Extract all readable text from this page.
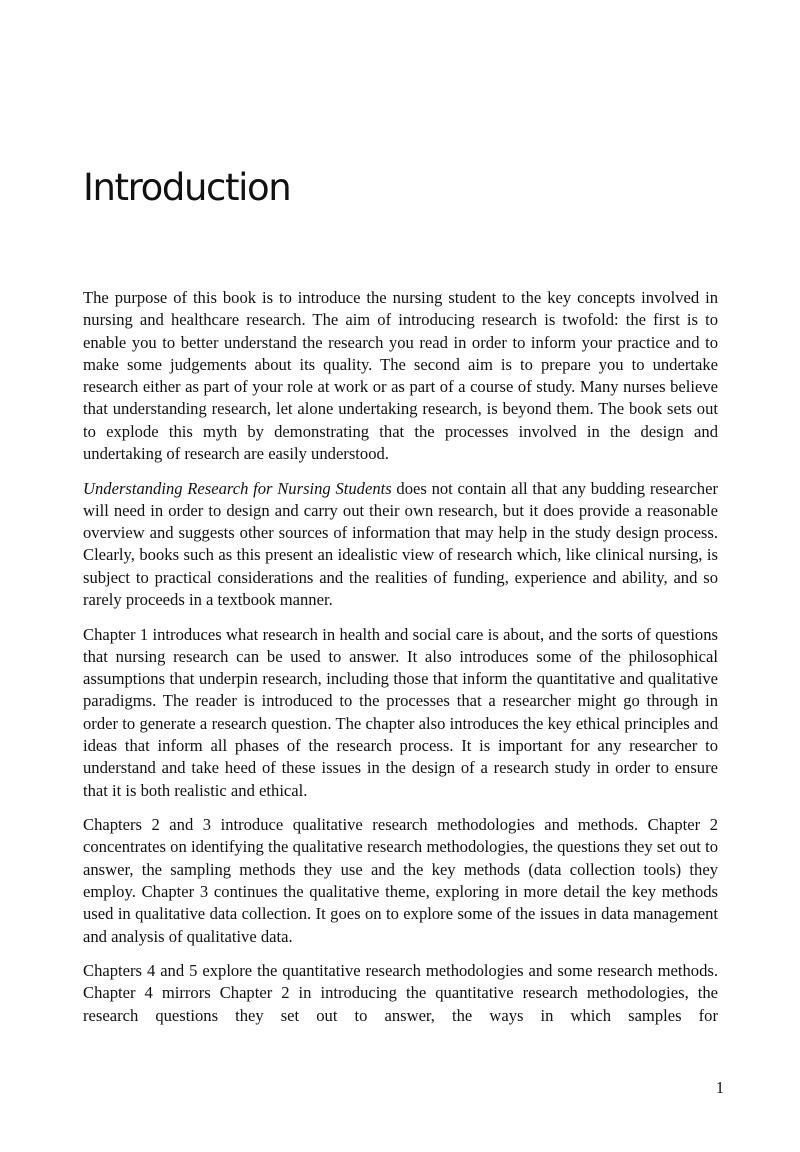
Introduction

The purpose of this book is to introduce the nursing student to the key concepts involved in nursing and healthcare research. The aim of introducing research is twofold: the first is to enable you to better understand the research you read in order to inform your practice and to make some judgements about its quality. The second aim is to prepare you to undertake research either as part of your role at work or as part of a course of study. Many nurses believe that understanding research, let alone undertaking research, is beyond them. The book sets out to explode this myth by demonstrating that the processes involved in the design and undertaking of research are easily understood.

Understanding Research for Nursing Students does not contain all that any budding researcher will need in order to design and carry out their own research, but it does provide a reasonable overview and suggests other sources of information that may help in the study design process. Clearly, books such as this present an idealistic view of research which, like clinical nursing, is subject to practical considerations and the realities of funding, experience and ability, and so rarely proceeds in a textbook manner.

Chapter 1 introduces what research in health and social care is about, and the sorts of questions that nursing research can be used to answer. It also introduces some of the philosophical assumptions that underpin research, including those that inform the quantitative and qualitative paradigms. The reader is introduced to the processes that a researcher might go through in order to generate a research question. The chapter also introduces the key ethical principles and ideas that inform all phases of the research process. It is important for any researcher to understand and take heed of these issues in the design of a research study in order to ensure that it is both realistic and ethical.

Chapters 2 and 3 introduce qualitative research methodologies and methods. Chapter 2 concentrates on identifying the qualitative research methodologies, the questions they set out to answer, the sampling methods they use and the key methods (data collection tools) they employ. Chapter 3 continues the qualitative theme, exploring in more detail the key methods used in qualitative data collection. It goes on to explore some of the issues in data management and analysis of qualitative data.

Chapters 4 and 5 explore the quantitative research methodologies and some research methods. Chapter 4 mirrors Chapter 2 in introducing the quantitative research methodologies, the research questions they set out to answer, the ways in which samples for

1
